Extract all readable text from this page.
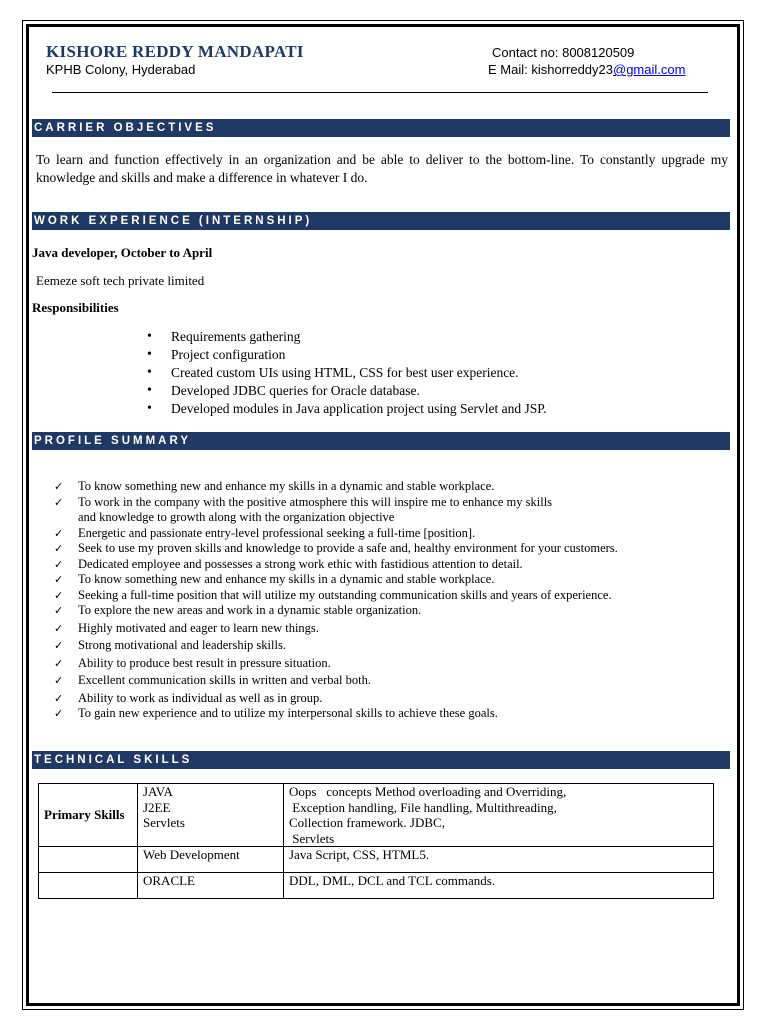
KISHORE REDDY MANDAPATI
KPHB Colony, Hyderabad
Contact no: 8008120509
E Mail: kishorreddy23@gmail.com
CARRIER OBJECTIVES
To learn and function effectively in an organization and be able to deliver to the bottom-line. To constantly upgrade my knowledge and skills and make a difference in whatever I do.
WORK EXPERIENCE (INTERNSHIP)
Java developer, October to April
Eemeze soft tech private limited
Responsibilities
• Requirements gathering
• Project configuration
• Created custom UIs using HTML, CSS for best user experience.
• Developed JDBC queries for Oracle database.
• Developed modules in Java application project using Servlet and JSP.
PROFILE SUMMARY
✓ To know something new and enhance my skills in a dynamic and stable workplace.
✓ To work in the company with the positive atmosphere this will inspire me to enhance my skills
and knowledge to growth along with the organization objective
✓ Energetic and passionate entry-level professional seeking a full-time [position].
✓ Seek to use my proven skills and knowledge to provide a safe and, healthy environment for your customers.
✓ Dedicated employee and possesses a strong work ethic with fastidious attention to detail.
✓ To know something new and enhance my skills in a dynamic and stable workplace.
✓ Seeking a full-time position that will utilize my outstanding communication skills and years of experience.
✓ To explore the new areas and work in a dynamic stable organization.
✓ Highly motivated and eager to learn new things.
✓ Strong motivational and leadership skills.
✓ Ability to produce best result in pressure situation.
✓ Excellent communication skills in written and verbal both.
✓ Ability to work as individual as well as in group.
✓ To gain new experience and to utilize my interpersonal skills to achieve these goals.
TECHNICAL SKILLS
Primary Skills	JAVA
J2EE
Servlets	Oops   concepts Method overloading and Overriding,
Exception handling, File handling, Multithreading,
Collection framework. JDBC,
Servlets

	Web Development	Java Script, CSS, HTML5.
	ORACLE	DDL, DML, DCL and TCL commands.
